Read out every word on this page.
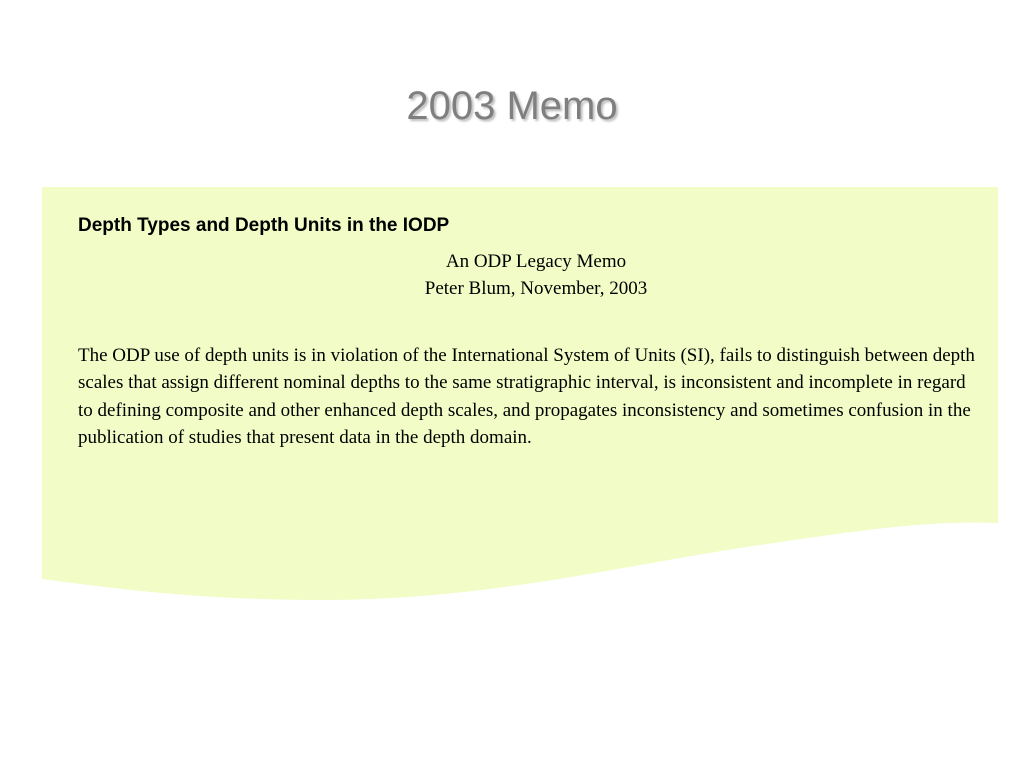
2003 Memo
Depth Types and Depth Units in the IODP

An ODP Legacy Memo

Peter Blum, November, 2003

The ODP use of depth units is in violation of the International System of Units (SI), fails to distinguish between depth scales that assign different nominal depths to the same stratigraphic interval, is inconsistent and incomplete in regard to defining composite and other enhanced depth scales, and propagates inconsistency and sometimes confusion in the publication of studies that present data in the depth domain.
